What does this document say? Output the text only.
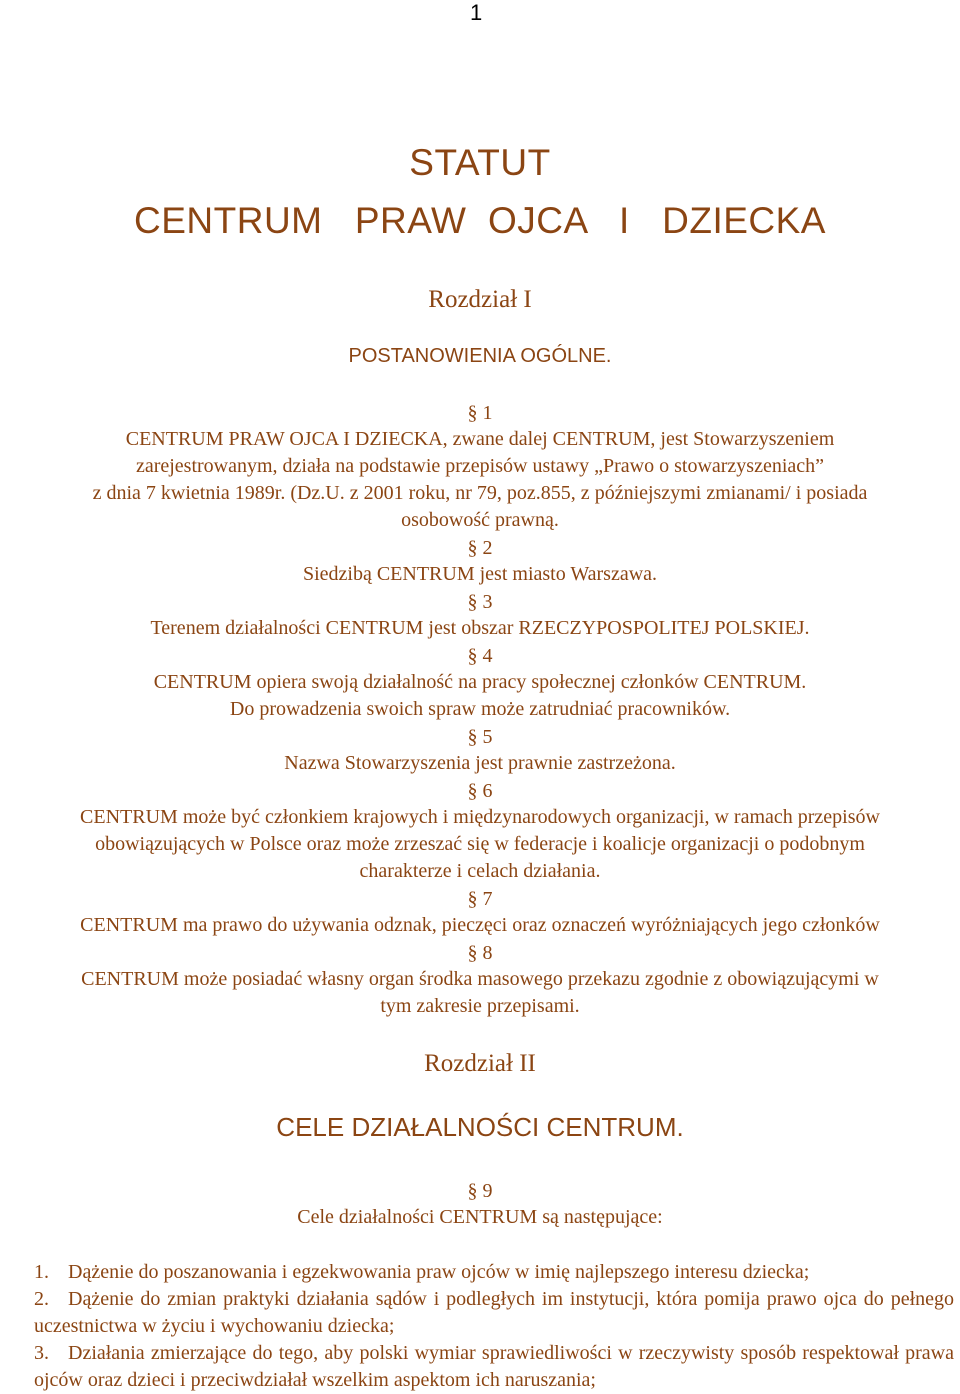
1
STATUT
CENTRUM   PRAW  OJCA   I   DZIECKA
Rozdział I
POSTANOWIENIA OGÓLNE.
§ 1
CENTRUM PRAW OJCA I DZIECKA, zwane dalej CENTRUM, jest Stowarzyszeniem
zarejestrowanym, działa na podstawie przepisów ustawy „Prawo o stowarzyszeniach”
z dnia 7 kwietnia 1989r. (Dz.U. z 2001 roku, nr 79, poz.855, z późniejszymi zmianami/ i posiada
osobowość prawną.
§ 2
Siedzibą CENTRUM jest miasto Warszawa.
§ 3
Terenem działalności CENTRUM jest obszar RZECZYPOSPOLITEJ POLSKIEJ.
§ 4
CENTRUM opiera swoją działalność na pracy społecznej członków CENTRUM.
Do prowadzenia swoich spraw może zatrudniać pracowników.
§ 5
Nazwa Stowarzyszenia jest prawnie zastrzeżona.
§ 6
CENTRUM może być członkiem krajowych i międzynarodowych organizacji, w ramach przepisów
obowiązujących w Polsce oraz może zrzeszać się w federacje i koalicje organizacji o podobnym
charakterze i celach działania.
§ 7
CENTRUM ma prawo do używania odznak, pieczęci oraz oznaczeń wyróżniających jego członków
§ 8
CENTRUM może posiadać własny organ środka masowego przekazu zgodnie z obowiązującymi w
tym zakresie przepisami.
Rozdział II
CELE DZIAŁALNOŚCI CENTRUM.
§ 9
Cele działalności CENTRUM są następujące:

1. Dążenie do poszanowania i egzekwowania praw ojców w imię najlepszego interesu dziecka;

2. Dążenie do zmian praktyki działania sądów i podległych im instytucji, która pomija prawo ojca do pełnego uczestnictwa w życiu i wychowaniu dziecka;

3. Działania zmierzające do tego, aby polski wymiar sprawiedliwości w rzeczywisty sposób respektował prawa ojców oraz dzieci i przeciwdziałał wszelkim aspektom ich naruszania;
